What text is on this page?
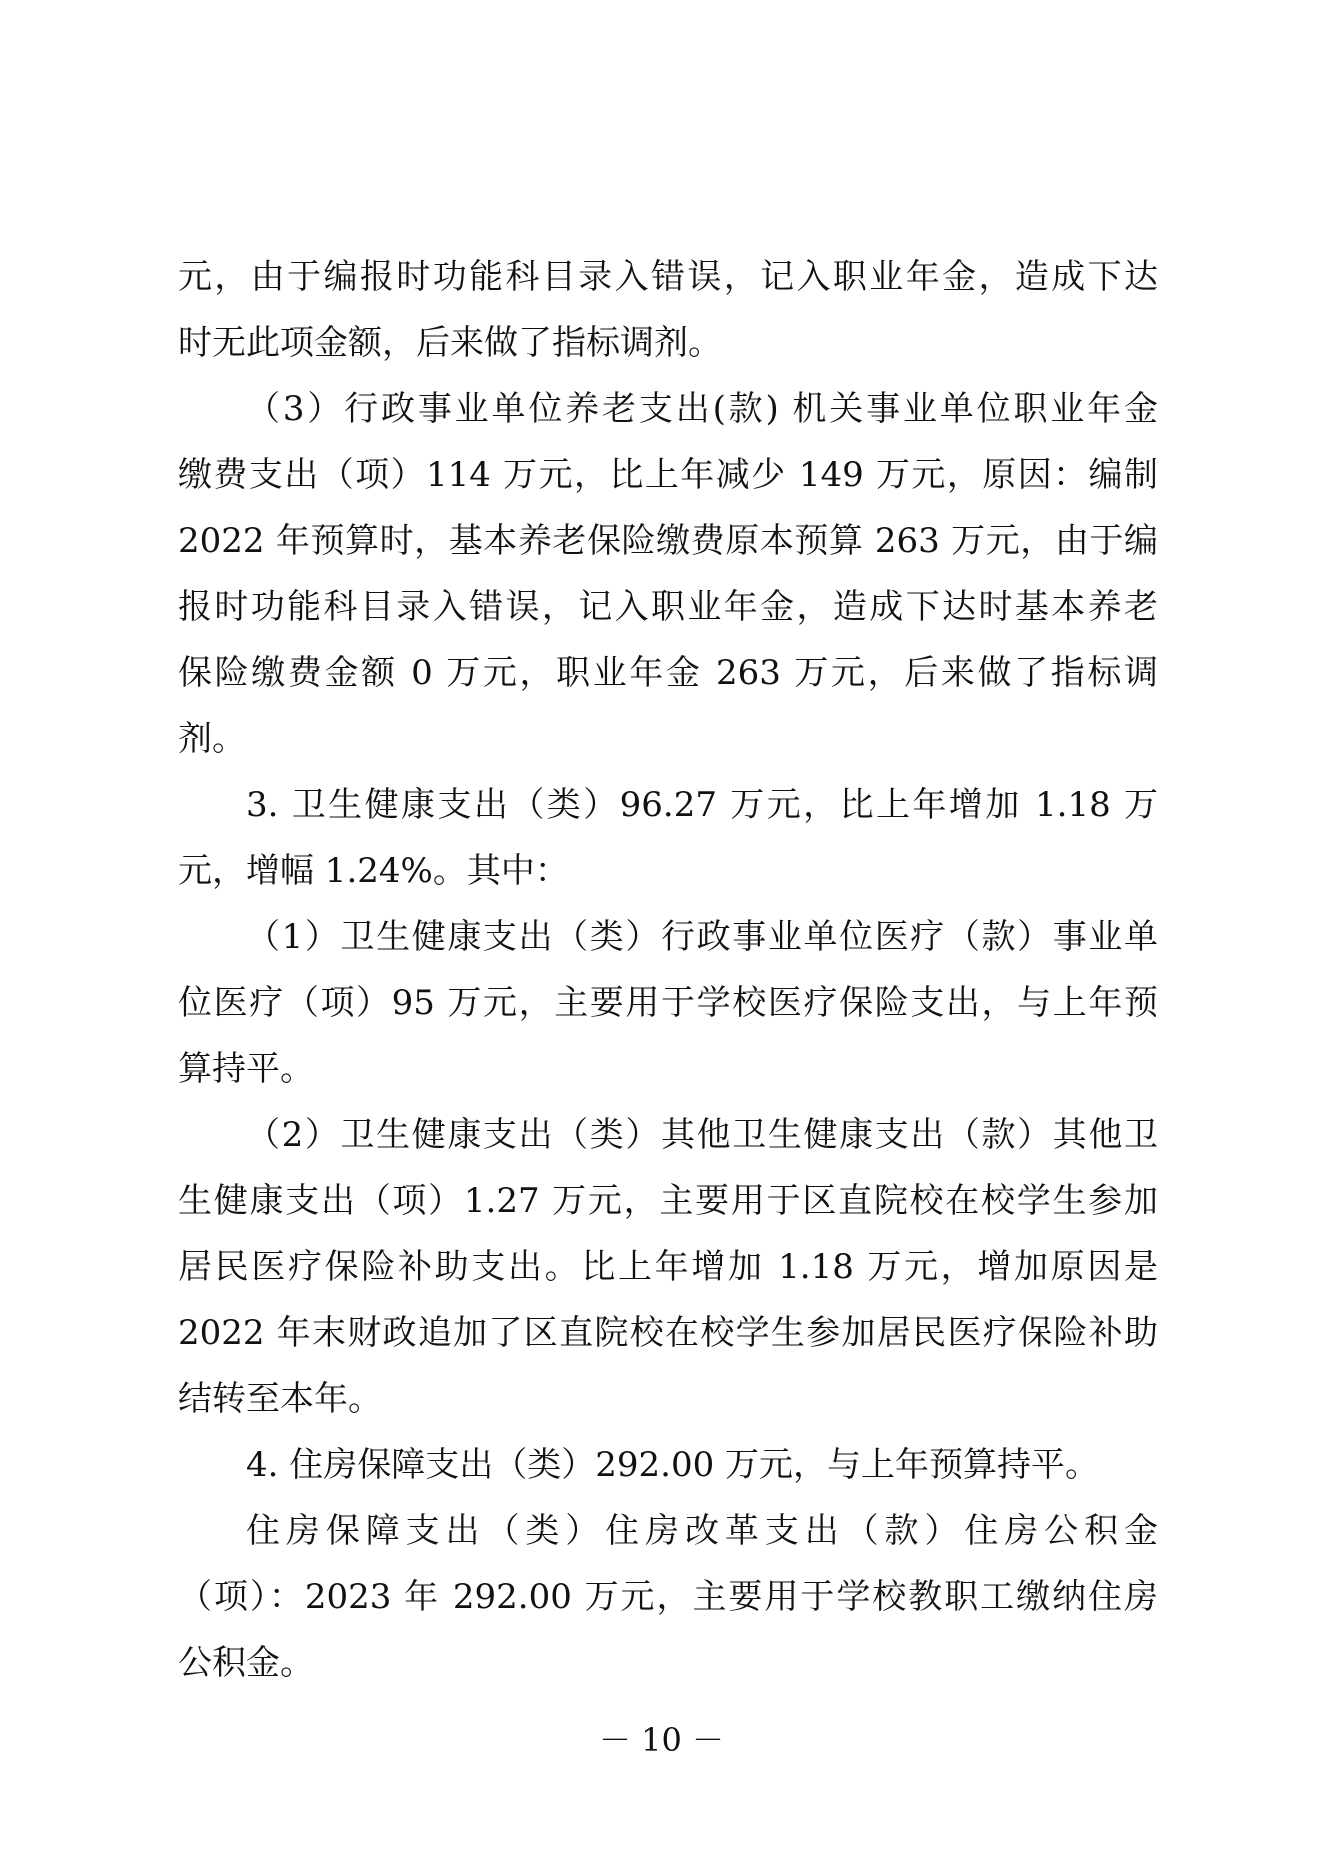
元，由于编报时功能科目录入错误，记入职业年金，造成下达
时无此项金额，后来做了指标调剂。
（3）行政事业单位养老支出(款) 机关事业单位职业年金
缴费支出（项）114 万元，比上年减少 149 万元，原因：编制
2022 年预算时，基本养老保险缴费原本预算 263 万元，由于编
报时功能科目录入错误，记入职业年金，造成下达时基本养老
保险缴费金额 0 万元，职业年金 263 万元，后来做了指标调
剂。
3. 卫生健康支出（类）96.27 万元，比上年增加 1.18 万
元，增幅 1.24%。其中：
（1）卫生健康支出（类）行政事业单位医疗（款）事业单
位医疗（项）95 万元，主要用于学校医疗保险支出，与上年预
算持平。
（2）卫生健康支出（类）其他卫生健康支出（款）其他卫
生健康支出（项）1.27 万元，主要用于区直院校在校学生参加
居民医疗保险补助支出。比上年增加 1.18 万元，增加原因是
2022 年末财政追加了区直院校在校学生参加居民医疗保险补助
结转至本年。
4. 住房保障支出（类）292.00 万元，与上年预算持平。
住房保障支出（类）住房改革支出（款）住房公积金
（项）：2023 年 292.00 万元，主要用于学校教职工缴纳住房
公积金。
－ 10 －
